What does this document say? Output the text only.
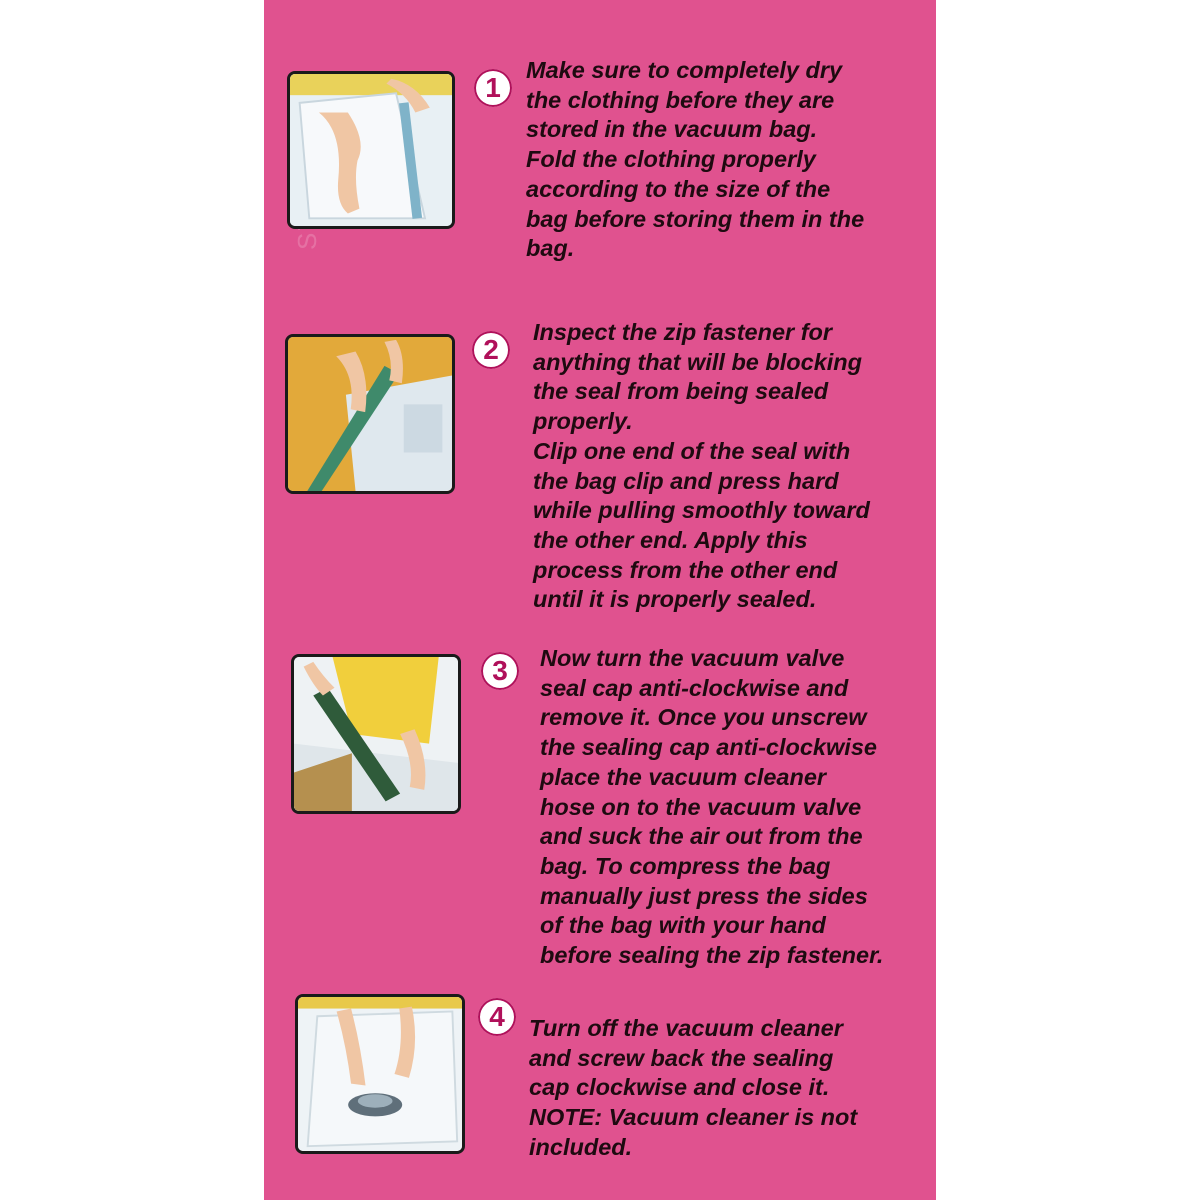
1

Make sure to completely dry
the clothing before they are
stored in the vacuum bag.
Fold the clothing properly
according to the size of the
bag before storing them in the
bag.

2

Inspect the zip fastener for
anything that will be blocking
the seal from being sealed
properly.
Clip one end of the seal with
the bag clip and press hard
while pulling smoothly toward
the other end. Apply this
process from the other end
until it is properly sealed.

3	Now turn the vacuum valve
seal cap anti-clockwise and
remove it. Once you unscrew
the sealing cap anti-clockwise
place the vacuum cleaner
hose on to the vacuum valve
and suck the air out from the
bag. To compress the bag
manually just press the sides
of the bag with your hand
before sealing the zip fastener.

4	Turn off the vacuum cleaner
and screw back the sealing
cap clockwise and close it.
NOTE: Vacuum cleaner is not
included.
